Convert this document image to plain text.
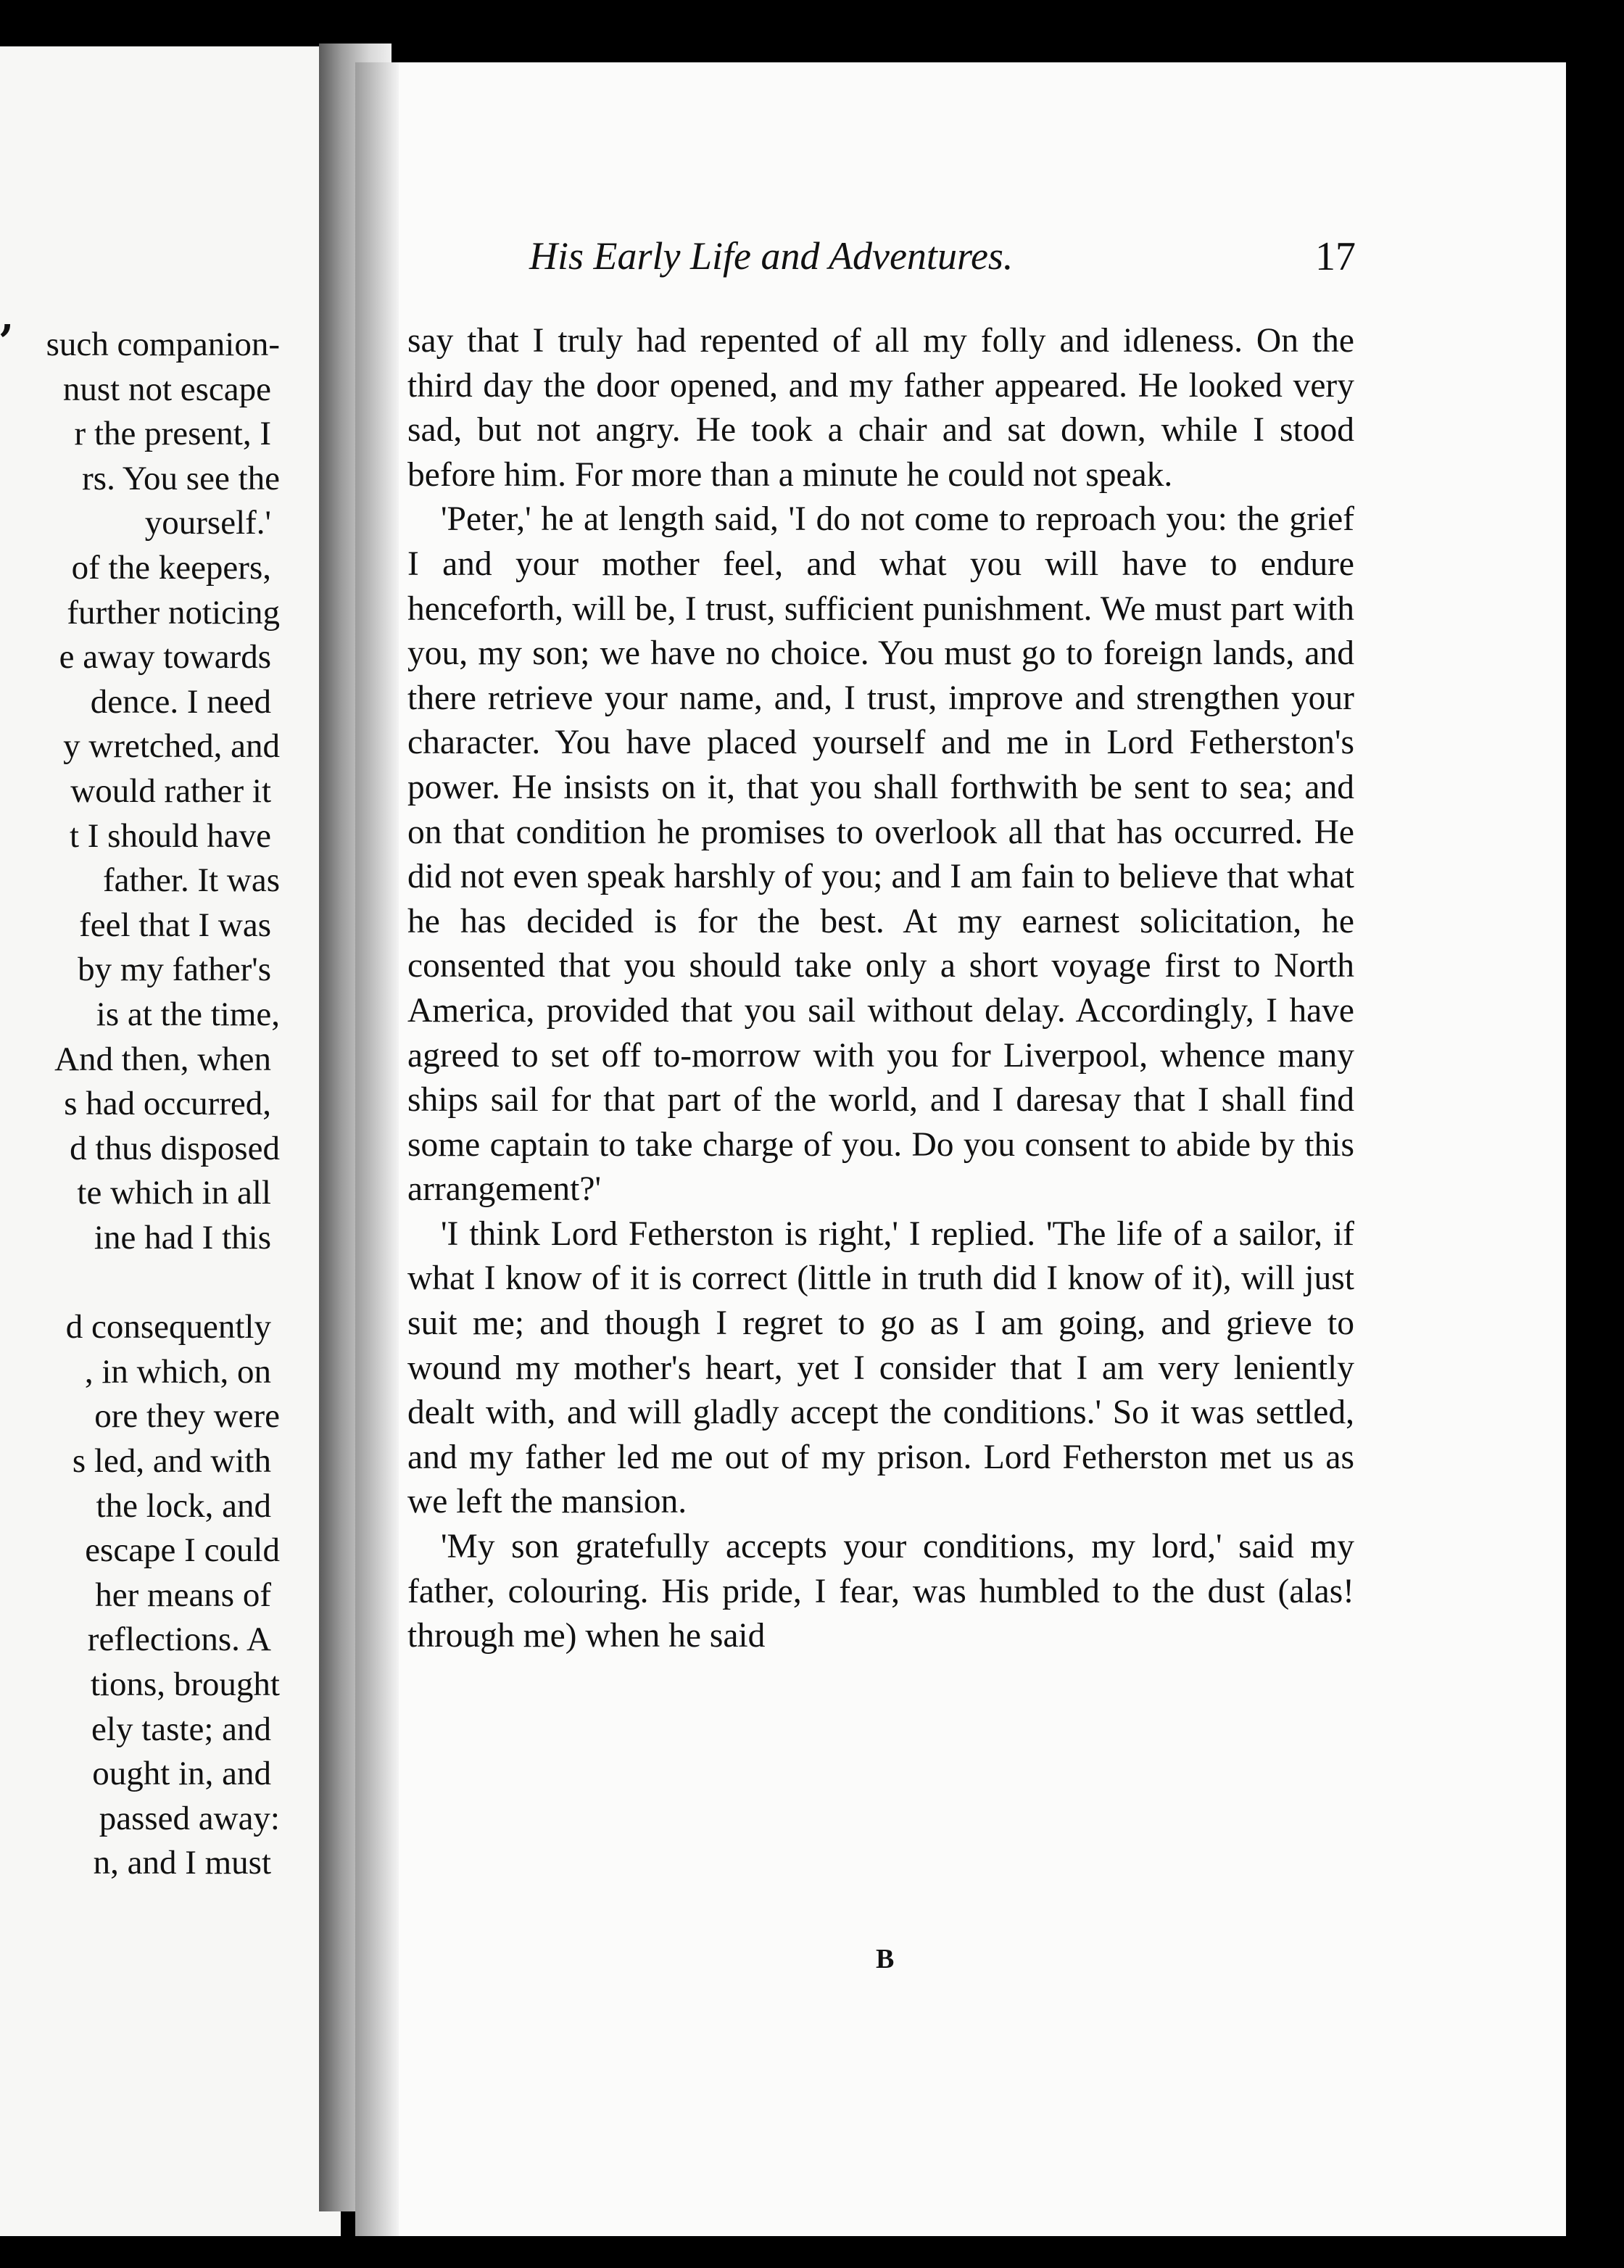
,
such companion-
nust not escape
r the present, I
rs. You see the
yourself.'
of the keepers,
further noticing
e away towards
dence. I need
y wretched, and
would rather it
t I should have
father. It was
feel that I was
by my father's
is at the time,
And then, when
s had occurred,
d thus disposed
te which in all
ine had I this
d consequently
, in which, on
ore they were
s led, and with
the lock, and
escape I could
her means of
reflections. A
tions, brought
ely taste; and
ought in, and
passed away:
n, and I must
His Early Life and Adventures.	17

say that I truly had repented of all my folly and idleness. On the third day the door opened, and my father appeared. He looked very sad, but not angry. He took a chair and sat down, while I stood before him. For more than a minute he could not speak.

'Peter,' he at length said, 'I do not come to reproach you: the grief I and your mother feel, and what you will have to endure henceforth, will be, I trust, sufficient punishment. We must part with you, my son; we have no choice. You must go to foreign lands, and there retrieve your name, and, I trust, improve and strengthen your character. You have placed yourself and me in Lord Fetherston's power. He insists on it, that you shall forthwith be sent to sea; and on that condition he promises to overlook all that has occurred. He did not even speak harshly of you; and I am fain to believe that what he has decided is for the best. At my earnest solicitation, he consented that you should take only a short voyage first to North America, provided that you sail without delay. Accordingly, I have agreed to set off to-morrow with you for Liverpool, whence many ships sail for that part of the world, and I daresay that I shall find some captain to take charge of you. Do you consent to abide by this arrangement?'

'I think Lord Fetherston is right,' I replied. 'The life of a sailor, if what I know of it is correct (little in truth did I know of it), will just suit me; and though I regret to go as I am going, and grieve to wound my mother's heart, yet I consider that I am very leniently dealt with, and will gladly accept the conditions.' So it was settled, and my father led me out of my prison. Lord Fetherston met us as we left the mansion.

'My son gratefully accepts your conditions, my lord,' said my father, colouring. His pride, I fear, was humbled to the dust (alas! through me) when he said

B
